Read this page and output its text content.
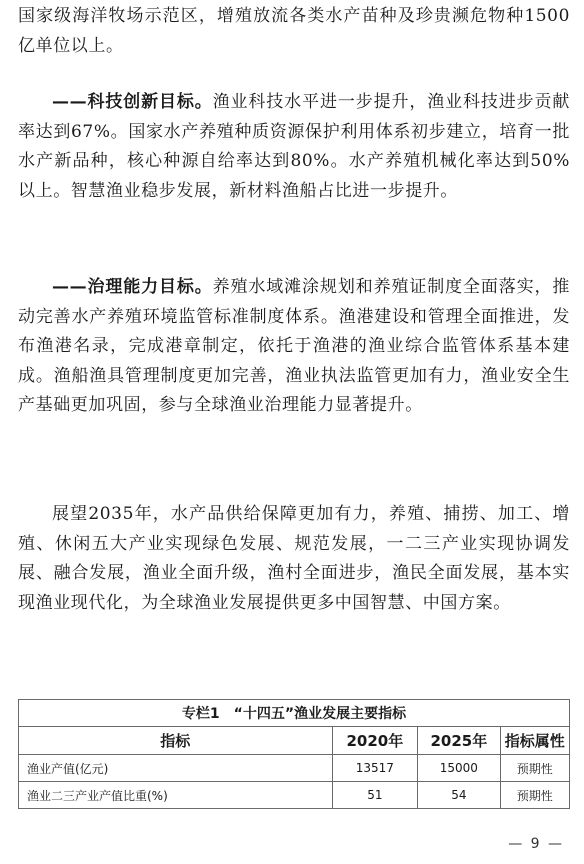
国家级海洋牧场示范区，增殖放流各类水产苗种及珍贵濒危物种1500亿单位以上。

——科技创新目标。渔业科技水平进一步提升，渔业科技进步贡献率达到67%。国家水产养殖种质资源保护利用体系初步建立，培育一批水产新品种，核心种源自给率达到80%。水产养殖机械化率达到50%以上。智慧渔业稳步发展，新材料渔船占比进一步提升。

——治理能力目标。养殖水域滩涂规划和养殖证制度全面落实，推动完善水产养殖环境监管标准制度体系。渔港建设和管理全面推进，发布渔港名录，完成港章制定，依托于渔港的渔业综合监管体系基本建成。渔船渔具管理制度更加完善，渔业执法监管更加有力，渔业安全生产基础更加巩固，参与全球渔业治理能力显著提升。

展望2035年，水产品供给保障更加有力，养殖、捕捞、加工、增殖、休闲五大产业实现绿色发展、规范发展，一二三产业实现协调发展、融合发展，渔业全面升级，渔村全面进步，渔民全面发展，基本实现渔业现代化，为全球渔业发展提供更多中国智慧、中国方案。

专栏1　“十四五”渔业发展主要指标			
指标	2020年	2025年	指标属性
渔业产值(亿元)	13517	15000	预期性
渔业二三产业产值比重(%)	51	54	预期性
— 9 —
